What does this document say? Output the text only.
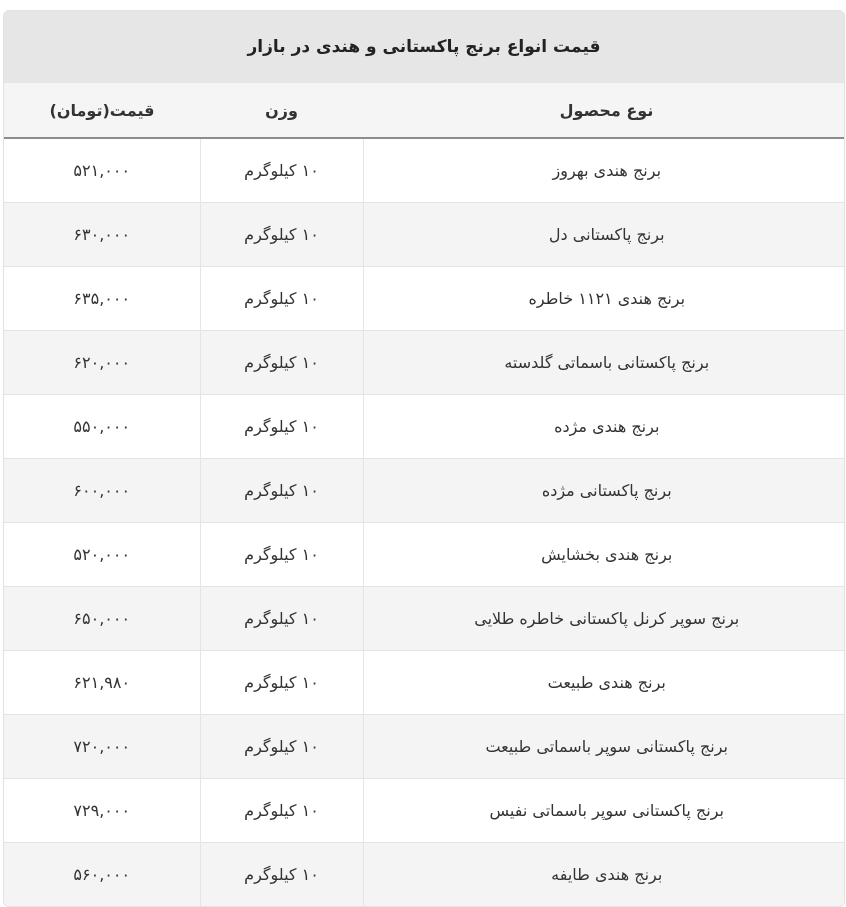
قیمت انواع برنج پاکستانی و هندی در بازار
نوع محصول	وزن	قیمت(تومان)
برنج هندی بهروز	۱۰ کیلوگرم	۵۲۱,۰۰۰
برنج پاکستانی دل	۱۰ کیلوگرم	۶۳۰,۰۰۰
برنج هندی ۱۱۲۱ خاطره	۱۰ کیلوگرم	۶۳۵,۰۰۰
برنج پاکستانی باسماتی گلدسته	۱۰ کیلوگرم	۶۲۰,۰۰۰
برنج هندی مژده	۱۰ کیلوگرم	۵۵۰,۰۰۰
برنج پاکستانی مژده	۱۰ کیلوگرم	۶۰۰,۰۰۰
برنج هندی بخشایش	۱۰ کیلوگرم	۵۲۰,۰۰۰
برنج سوپر کرنل پاکستانی خاطره طلایی	۱۰ کیلوگرم	۶۵۰,۰۰۰
برنج هندی طبیعت	۱۰ کیلوگرم	۶۲۱,۹۸۰
برنج پاکستانی سوپر باسماتی طبیعت	۱۰ کیلوگرم	۷۲۰,۰۰۰
برنج پاکستانی سوپر باسماتی نفیس	۱۰ کیلوگرم	۷۲۹,۰۰۰
برنج هندی طایفه	۱۰ کیلوگرم	۵۶۰,۰۰۰
